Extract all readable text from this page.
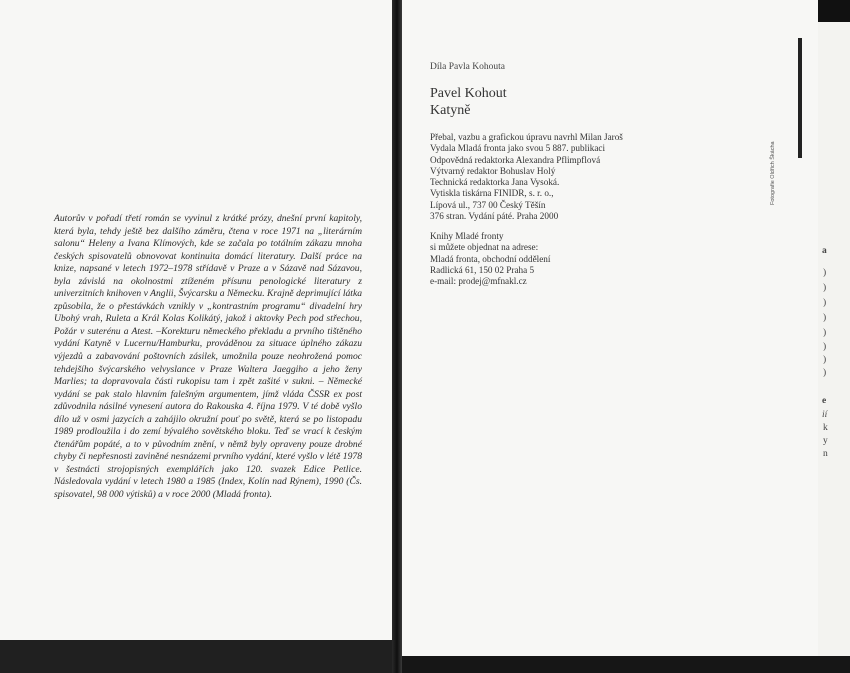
Autorův v pořadí třetí román se vyvinul z krátké prózy, dnešní první kapitoly, která byla, tehdy ještě bez dalšího záměru, čtena v roce 1971 na „literárním salonu“ Heleny a Ivana Klímových, kde se začala po totálním zákazu mnoha českých spisovatelů obnovovat kontinuita domácí literatury. Další práce na knize, napsané v letech 1972–1978 střídavě v Praze a v Sázavě nad Sázavou, byla závislá na okolnostmi ztíženém přísunu penologické literatury z univerzitních knihoven v Anglii, Švýcarsku a Německu. Krajně deprimující látka způsobila, že o přestávkách vznikly v „kontrastním programu“ divadelní hry Ubohý vrah, Ruleta a Král Kolas Kolikátý, jakož i aktovky Pech pod střechou, Požár v suterénu a Atest. –Korekturu německého překladu a prvního tištěného vydání Katyně v Lucernu/Hamburku, prováděnou za situace úplného zákazu výjezdů a zabavování poštovních zásilek, umožnila pouze neohrožená pomoc tehdejšího švýcarského velvyslance v Praze Waltera Jaeggiho a jeho ženy Marlies; ta dopravovala části rukopisu tam i zpět zašité v sukni. – Německé vydání se pak stalo hlavním falešným argumentem, jímž vláda ČSSR ex post zdůvodnila násilné vynesení autora do Rakouska 4. října 1979. V té době vyšlo dílo už v osmi jazycích a zahájilo okružní pouť po světě, která se po listopadu 1989 prodloužila i do zemí bývalého sovětského bloku. Teď se vrací k českým čtenářům popáté, a to v původním znění, v němž byly opraveny pouze drobné chyby či nepřesnosti zaviněné nesnázemi prvního vydání, které vyšlo v létě 1978 v šestnácti strojopisných exemplářích jako 120. svazek Edice Petlice. Následovala vydání v letech 1980 a 1985 (Index, Kolín nad Rýnem), 1990 (Čs. spisovatel, 98 000 výtisků) a v roce 2000 (Mladá fronta).

Díla Pavla Kohouta

Pavel Kohout
Katyně
Přebal, vazbu a grafickou úpravu navrhl Milan Jaroš
Vydala Mladá fronta jako svou 5 887. publikaci
Odpovědná redaktorka Alexandra Pflimpflová
Výtvarný redaktor Bohuslav Holý
Technická redaktorka Jana Vysoká.
Vytiskla tiskárna FINIDR, s. r. o.,
Lípová ul., 737 00 Český Těšín
376 stran. Vydání páté. Praha 2000
Knihy Mladé fronty
si můžete objednat na adrese:
Mladá fronta, obchodní oddělení
Radlická 61, 150 02 Praha 5
e-mail: prodej@mfnakl.cz
Fotografie Oldřich Škácha
a
)
)
)
)
)
)
)
)
e
ií
k
y
n
